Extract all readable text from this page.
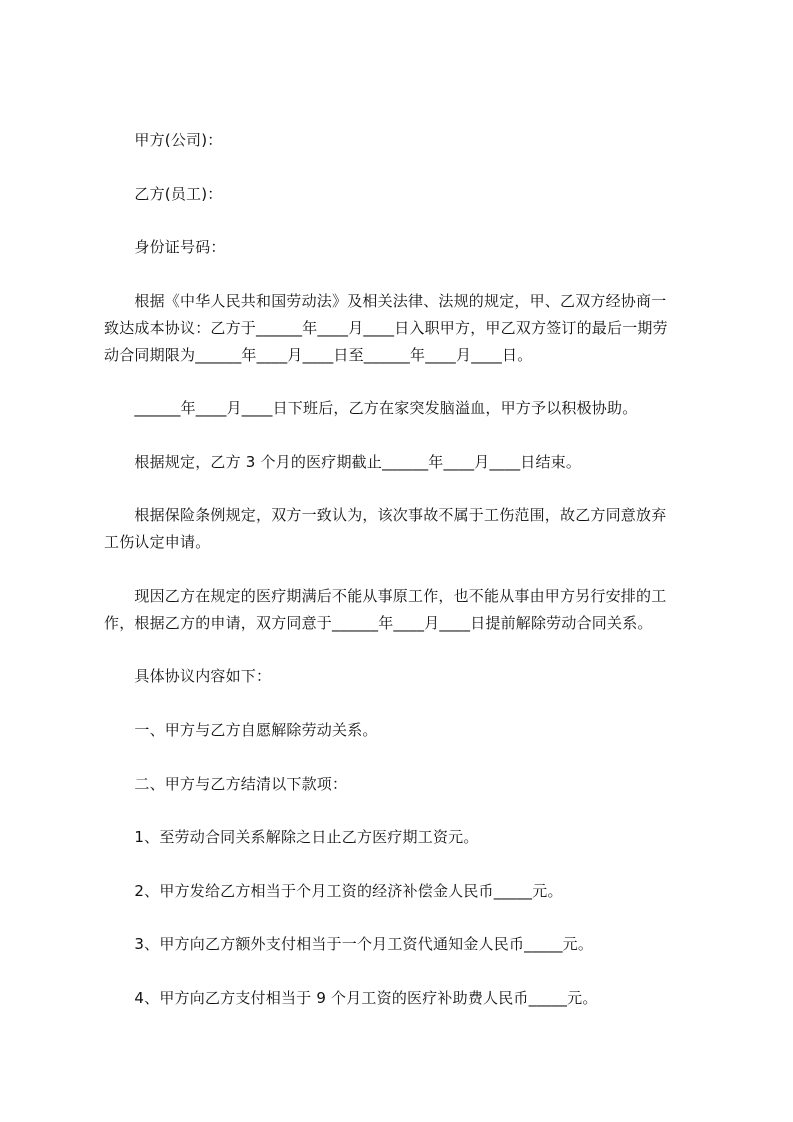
　　甲方(公司)：

　　乙方(员工)：

　　身份证号码：

　　根据《中华人民共和国劳动法》及相关法律、法规的规定，甲、乙双方经协商一

致达成本协议：乙方于______年____月____日入职甲方，甲乙双方签订的最后一期劳

动合同期限为______年____月____日至______年____月____日。

　　______年____月____日下班后，乙方在家突发脑溢血，甲方予以积极协助。

　　根据规定，乙方 3 个月的医疗期截止______年____月____日结束。

　　根据保险条例规定，双方一致认为，该次事故不属于工伤范围，故乙方同意放弃

工伤认定申请。

　　现因乙方在规定的医疗期满后不能从事原工作，也不能从事由甲方另行安排的工

作，根据乙方的申请，双方同意于______年____月____日提前解除劳动合同关系。

　　具体协议内容如下：

　　一、甲方与乙方自愿解除劳动关系。

　　二、甲方与乙方结清以下款项：

　　1、至劳动合同关系解除之日止乙方医疗期工资元。

　　2、甲方发给乙方相当于个月工资的经济补偿金人民币_____元。

　　3、甲方向乙方额外支付相当于一个月工资代通知金人民币_____元。

　　4、甲方向乙方支付相当于 9 个月工资的医疗补助费人民币_____元。
